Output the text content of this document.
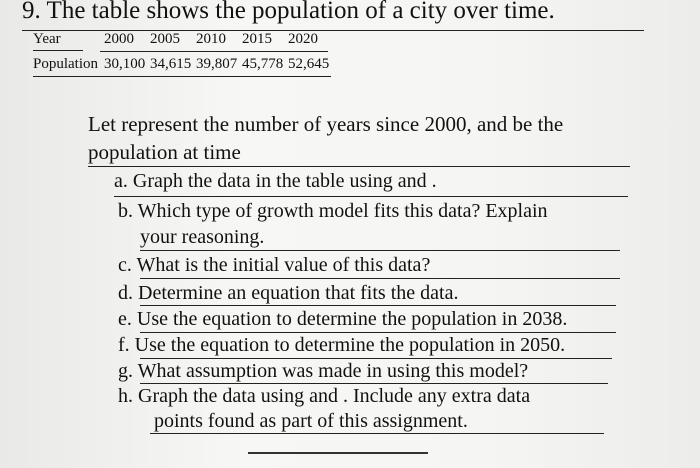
9. The table shows the population of a city over time.
Year	2000 2005 2010 2015 2020
Population 30,100 34,615 39,807 45,778 52,645
Let represent the number of years since 2000, and be the
population at time
a. Graph the data in the table using and .
b. Which type of growth model fits this data? Explain
your reasoning.
c. What is the initial value of this data?
d. Determine an equation that fits the data.
e. Use the equation to determine the population in 2038.
f. Use the equation to determine the population in 2050.
g. What assumption was made in using this model?
h. Graph the data using and . Include any extra data
points found as part of this assignment.
